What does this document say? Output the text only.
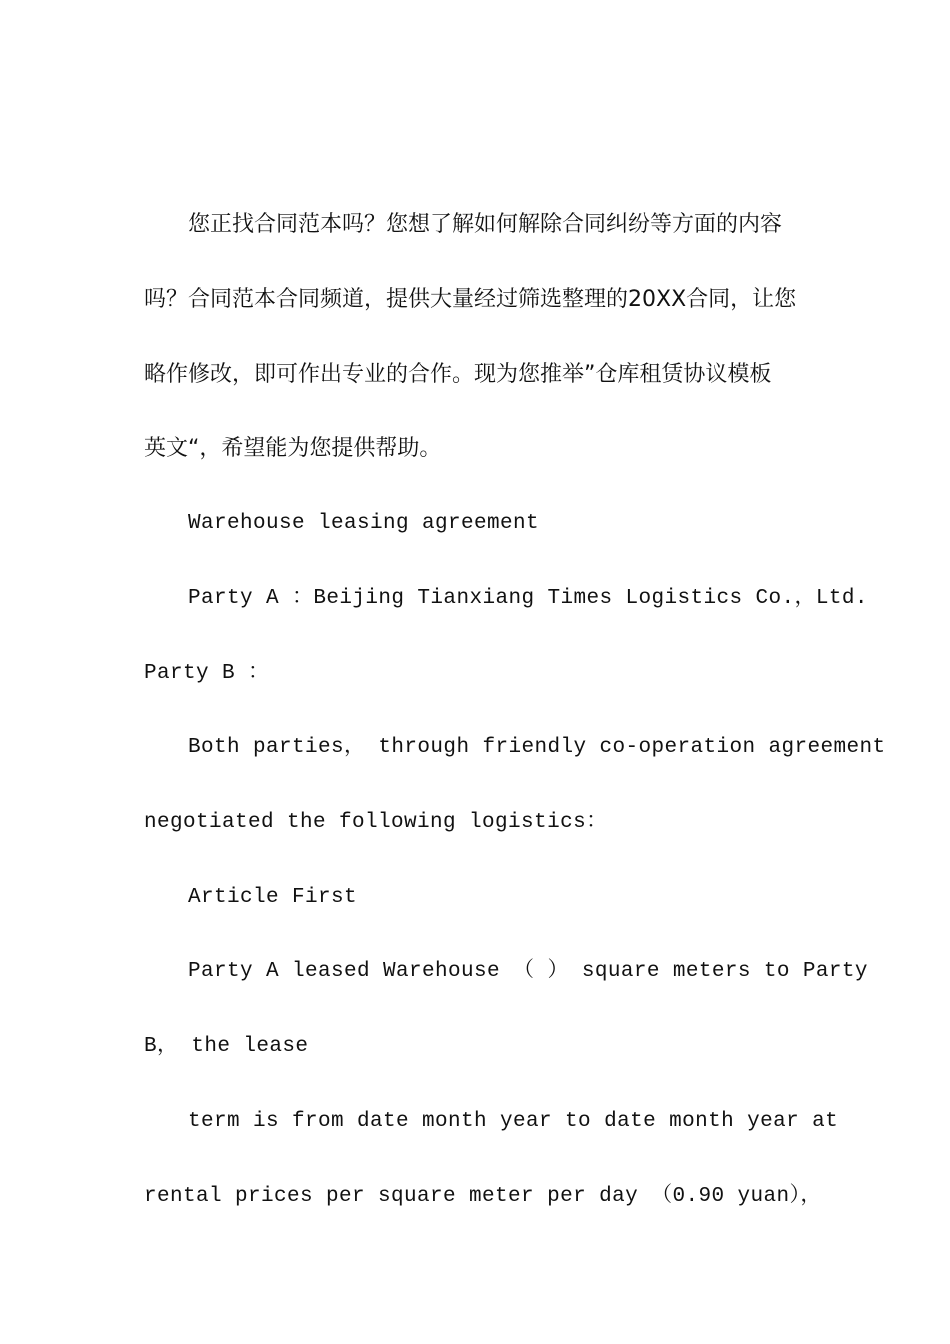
您正找合同范本吗？您想了解如何解除合同纠纷等方面的内容
吗？合同范本合同频道，提供大量经过筛选整理的20XX合同，让您
略作修改，即可作出专业的合作。现为您推举”仓库租赁协议模板
英文“，希望能为您提供帮助。
Warehouse leasing agreement
Party A ：Beijing Tianxiang Times Logistics Co.，Ltd.
Party B ：
Both parties， through friendly co-operation agreement
negotiated the following logistics：
Article First
Party A leased Warehouse （ ） square meters to Party
B， the lease
term is from date month year to date month year at
rental prices per square meter per day （0.90 yuan），
